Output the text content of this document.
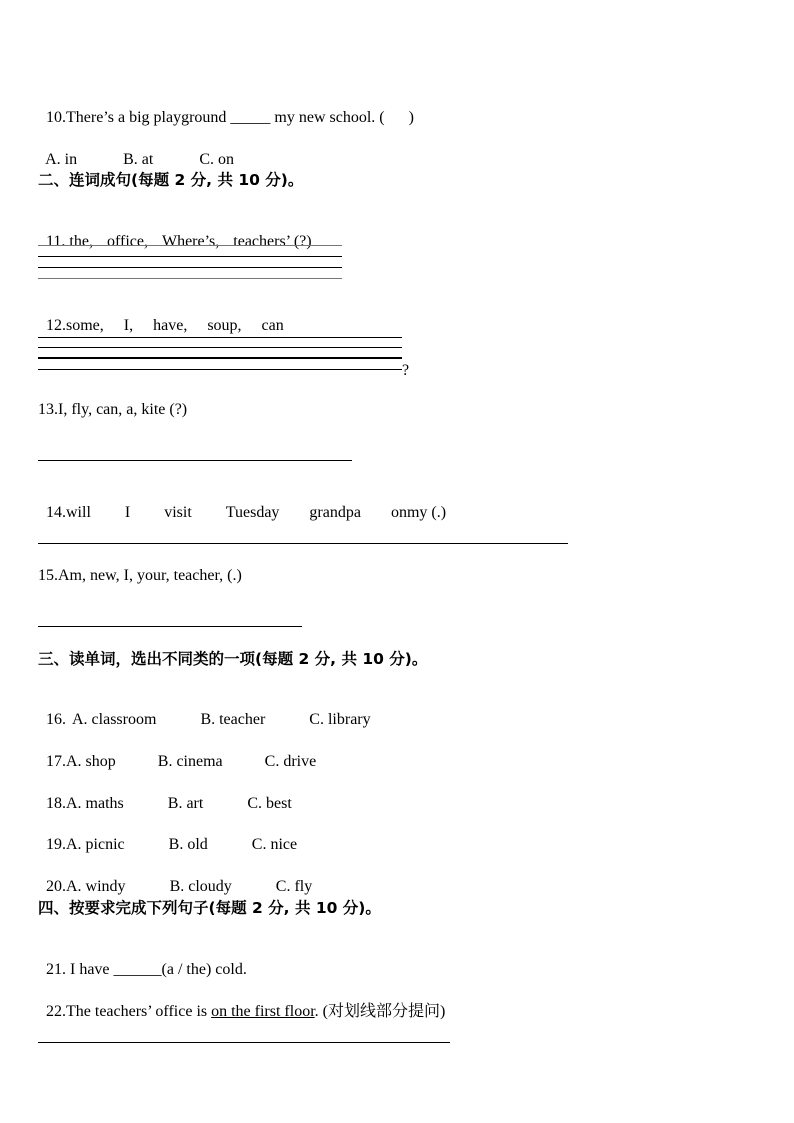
10.There’s a big playground _____ my new school. ( )

A. in	B. at	C. on

二、连词成句(每题 2 分, 共 10 分)。

11. the, office, Where’s, teachers’ (?)

12.some, I, have, soup, can

?
13.I, fly, can, a, kite (?)

14.will I visit Tuesday grandpa onmy (.)

15.Am, new, I, your, teacher, (.)
三、读单词，选出不同类的一项(每题 2 分, 共 10 分)。

16. A. classroom	B. teacher	C. library

17.A. shop	B. cinema	C. drive

18.A. maths	B. art	C. best

19.A. picnic	B. old	C. nice

20.A. windy	B. cloudy	C. fly

四、按要求完成下列句子(每题 2 分, 共 10 分)。

21. I have ______(a / the) cold.

22.The teachers’ office is on the first floor. (对划线部分提问)
